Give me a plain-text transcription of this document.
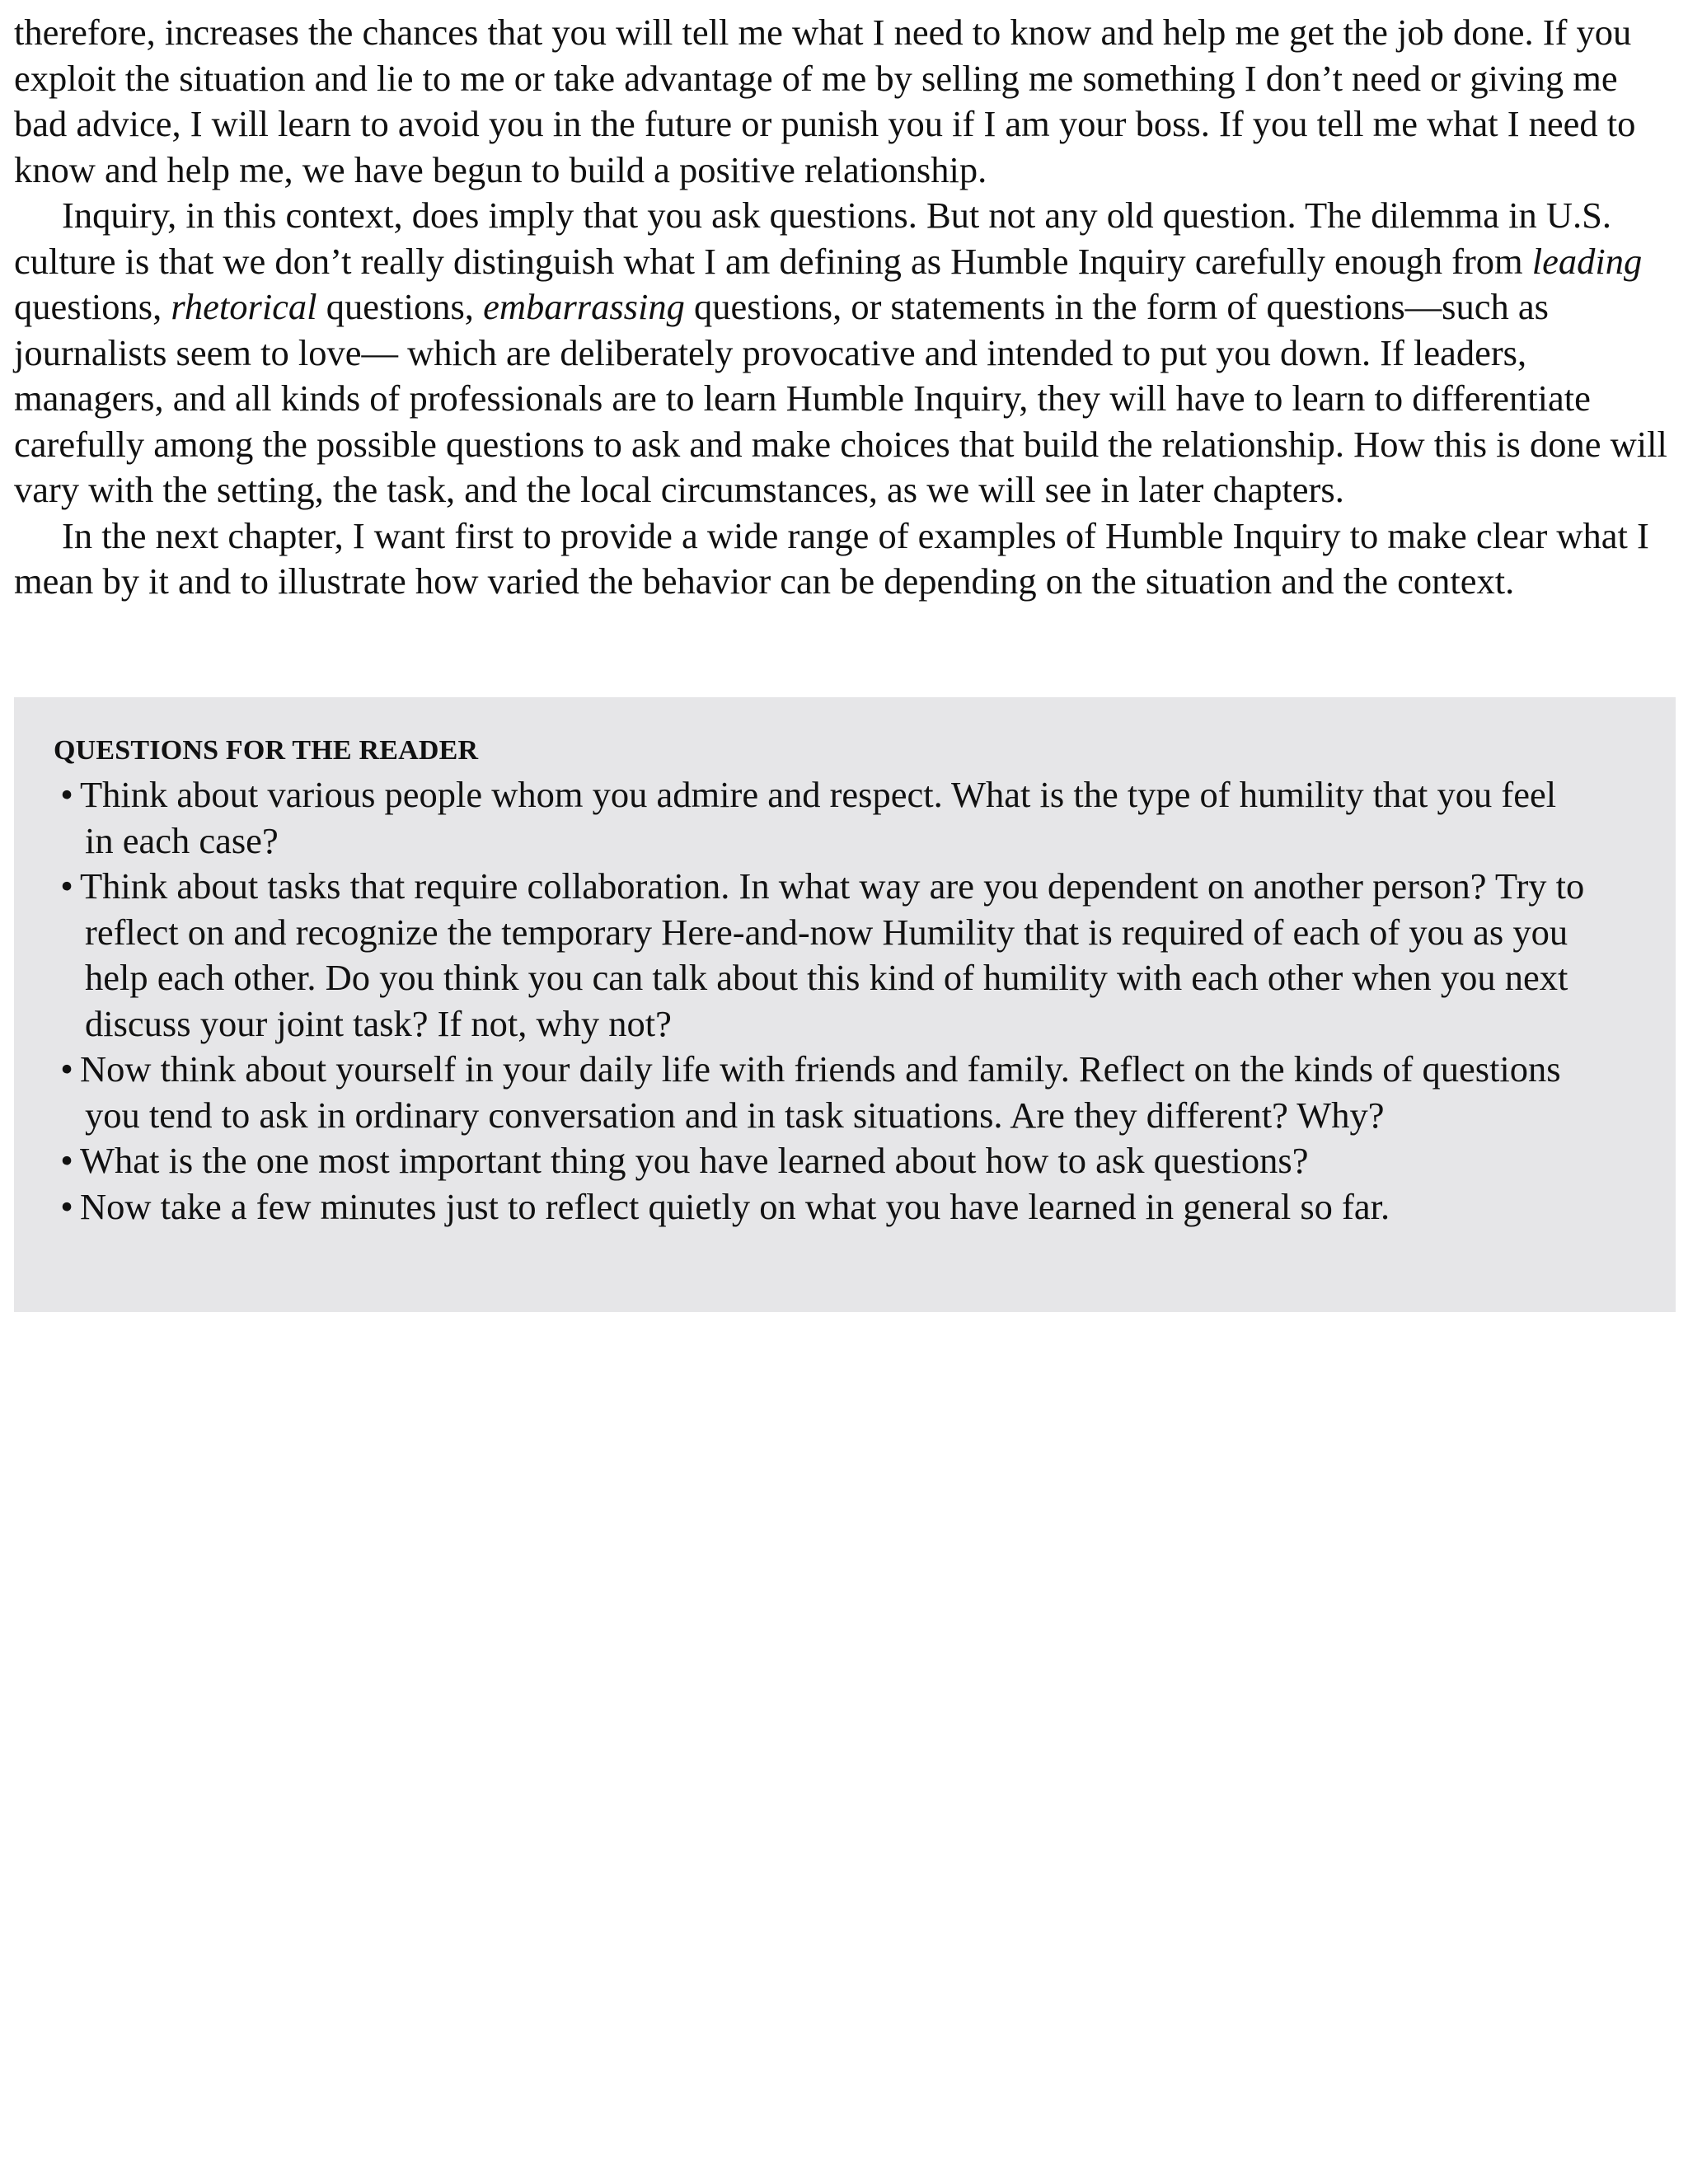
therefore, increases the chances that you will tell me what I need to know and help me get the job done. If you exploit the situation and lie to me or take advantage of me by selling me something I don’t need or giving me bad advice, I will learn to avoid you in the future or punish you if I am your boss. If you tell me what I need to know and help me, we have begun to build a positive relationship.

Inquiry, in this context, does imply that you ask questions. But not any old question. The dilemma in U.S. culture is that we don’t really distinguish what I am defining as Humble Inquiry carefully enough from leading questions, rhetorical questions, embarrassing questions, or statements in the form of questions—such as journalists seem to love— which are deliberately provocative and intended to put you down. If leaders, managers, and all kinds of professionals are to learn Humble Inquiry, they will have to learn to differentiate carefully among the possible questions to ask and make choices that build the relationship. How this is done will vary with the setting, the task, and the local circumstances, as we will see in later chapters.

In the next chapter, I want first to provide a wide range of examples of Humble Inquiry to make clear what I mean by it and to illustrate how varied the behavior can be depending on the situation and the context.

QUESTIONS FOR THE READER
• Think about various people whom you admire and respect. What is the type of humility that you feel in each case?
• Think about tasks that require collaboration. In what way are you dependent on another person? Try to reflect on and recognize the temporary Here-and-now Humility that is required of each of you as you help each other. Do you think you can talk about this kind of humility with each other when you next discuss your joint task? If not, why not?
• Now think about yourself in your daily life with friends and family. Reflect on the kinds of questions you tend to ask in ordinary conversation and in task situations. Are they different? Why?
• What is the one most important thing you have learned about how to ask questions?
• Now take a few minutes just to reflect quietly on what you have learned in general so far.
